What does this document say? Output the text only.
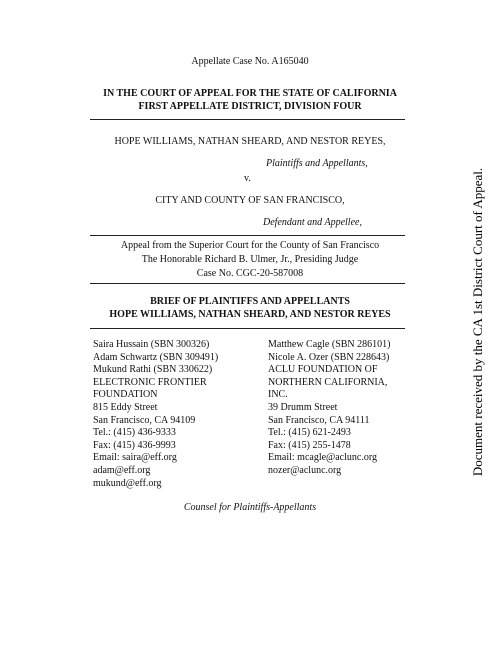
Appellate Case No. A165040
IN THE COURT OF APPEAL FOR THE STATE OF CALIFORNIA
FIRST APPELLATE DISTRICT, DIVISION FOUR
HOPE WILLIAMS, NATHAN SHEARD, AND NESTOR REYES,
Plaintiffs and Appellants,
v.
CITY AND COUNTY OF SAN FRANCISCO,
Defendant and Appellee,
Appeal from the Superior Court for the County of San Francisco
The Honorable Richard B. Ulmer, Jr., Presiding Judge
Case No. CGC-20-587008
BRIEF OF PLAINTIFFS AND APPELLANTS
HOPE WILLIAMS, NATHAN SHEARD, AND NESTOR REYES
Saira Hussain (SBN 300326)
Adam Schwartz (SBN 309491)
Mukund Rathi (SBN 330622)
ELECTRONIC FRONTIER
FOUNDATION
815 Eddy Street
San Francisco, CA 94109
Tel.: (415) 436-9333
Fax: (415) 436-9993
Email: saira@eff.org
adam@eff.org
mukund@eff.org
Matthew Cagle (SBN 286101)
Nicole A. Ozer (SBN 228643)
ACLU FOUNDATION OF
NORTHERN CALIFORNIA,
INC.
39 Drumm Street
San Francisco, CA 94111
Tel.: (415) 621-2493
Fax: (415) 255-1478
Email: mcagle@aclunc.org
nozer@aclunc.org
Counsel for Plaintiffs-Appellants
Document received by the CA 1st District Court of Appeal.
